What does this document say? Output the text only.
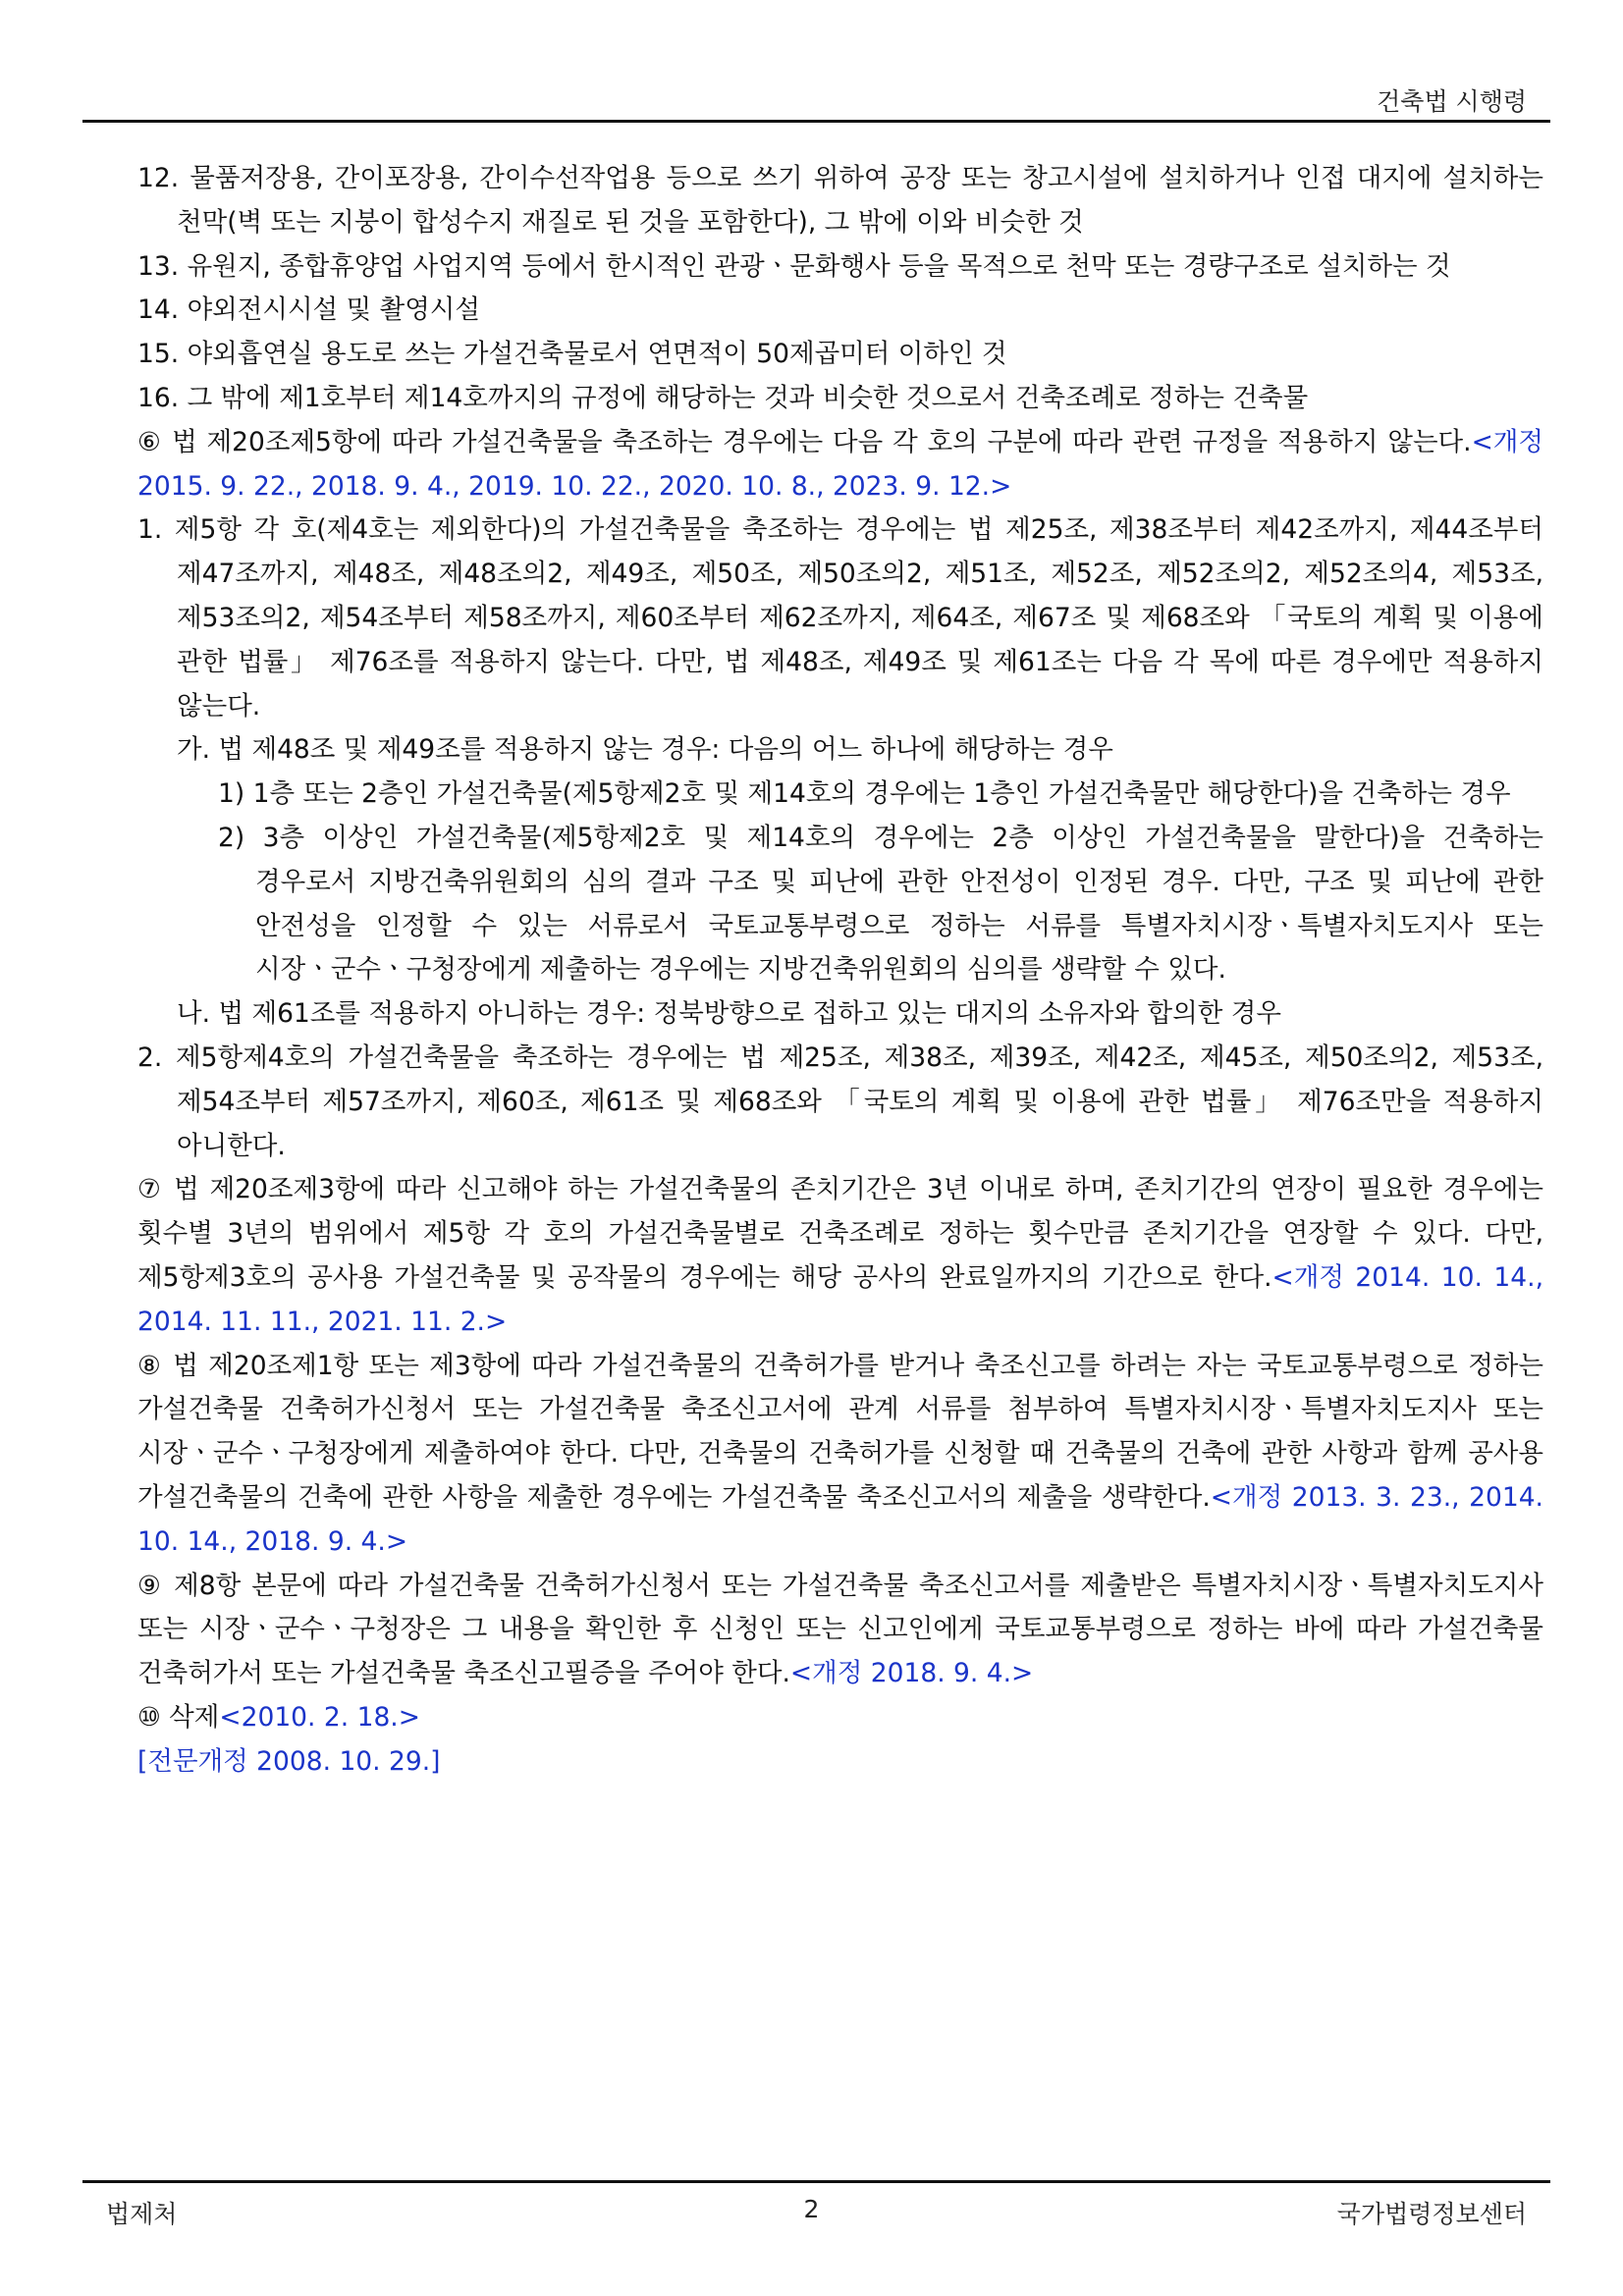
건축법 시행령
12. 물품저장용, 간이포장용, 간이수선작업용 등으로 쓰기 위하여 공장 또는 창고시설에 설치하거나 인접 대지에 설치하는 천막(벽 또는 지붕이 합성수지 재질로 된 것을 포함한다), 그 밖에 이와 비슷한 것
13. 유원지, 종합휴양업 사업지역 등에서 한시적인 관광ㆍ문화행사 등을 목적으로 천막 또는 경량구조로 설치하는 것
14. 야외전시시설 및 촬영시설
15. 야외흡연실 용도로 쓰는 가설건축물로서 연면적이 50제곱미터 이하인 것
16. 그 밖에 제1호부터 제14호까지의 규정에 해당하는 것과 비슷한 것으로서 건축조례로 정하는 건축물
⑥ 법 제20조제5항에 따라 가설건축물을 축조하는 경우에는 다음 각 호의 구분에 따라 관련 규정을 적용하지 않는다.<개정 2015. 9. 22., 2018. 9. 4., 2019. 10. 22., 2020. 10. 8., 2023. 9. 12.>
1. 제5항 각 호(제4호는 제외한다)의 가설건축물을 축조하는 경우에는 법 제25조, 제38조부터 제42조까지, 제44조부터 제47조까지, 제48조, 제48조의2, 제49조, 제50조, 제50조의2, 제51조, 제52조, 제52조의2, 제52조의4, 제53조, 제53조의2, 제54조부터 제58조까지, 제60조부터 제62조까지, 제64조, 제67조 및 제68조와 「국토의 계획 및 이용에 관한 법률」 제76조를 적용하지 않는다. 다만, 법 제48조, 제49조 및 제61조는 다음 각 목에 따른 경우에만 적용하지 않는다.
가. 법 제48조 및 제49조를 적용하지 않는 경우: 다음의 어느 하나에 해당하는 경우
1) 1층 또는 2층인 가설건축물(제5항제2호 및 제14호의 경우에는 1층인 가설건축물만 해당한다)을 건축하는 경우
2) 3층 이상인 가설건축물(제5항제2호 및 제14호의 경우에는 2층 이상인 가설건축물을 말한다)을 건축하는 경우로서 지방건축위원회의 심의 결과 구조 및 피난에 관한 안전성이 인정된 경우. 다만, 구조 및 피난에 관한 안전성을 인정할 수 있는 서류로서 국토교통부령으로 정하는 서류를 특별자치시장ㆍ특별자치도지사 또는 시장ㆍ군수ㆍ구청장에게 제출하는 경우에는 지방건축위원회의 심의를 생략할 수 있다.
나. 법 제61조를 적용하지 아니하는 경우: 정북방향으로 접하고 있는 대지의 소유자와 합의한 경우
2. 제5항제4호의 가설건축물을 축조하는 경우에는 법 제25조, 제38조, 제39조, 제42조, 제45조, 제50조의2, 제53조, 제54조부터 제57조까지, 제60조, 제61조 및 제68조와 「국토의 계획 및 이용에 관한 법률」 제76조만을 적용하지 아니한다.
⑦ 법 제20조제3항에 따라 신고해야 하는 가설건축물의 존치기간은 3년 이내로 하며, 존치기간의 연장이 필요한 경우에는 횟수별 3년의 범위에서 제5항 각 호의 가설건축물별로 건축조례로 정하는 횟수만큼 존치기간을 연장할 수 있다. 다만, 제5항제3호의 공사용 가설건축물 및 공작물의 경우에는 해당 공사의 완료일까지의 기간으로 한다.<개정 2014. 10. 14., 2014. 11. 11., 2021. 11. 2.>
⑧ 법 제20조제1항 또는 제3항에 따라 가설건축물의 건축허가를 받거나 축조신고를 하려는 자는 국토교통부령으로 정하는 가설건축물 건축허가신청서 또는 가설건축물 축조신고서에 관계 서류를 첨부하여 특별자치시장ㆍ특별자치도지사 또는 시장ㆍ군수ㆍ구청장에게 제출하여야 한다. 다만, 건축물의 건축허가를 신청할 때 건축물의 건축에 관한 사항과 함께 공사용 가설건축물의 건축에 관한 사항을 제출한 경우에는 가설건축물 축조신고서의 제출을 생략한다.<개정 2013. 3. 23., 2014. 10. 14., 2018. 9. 4.>
⑨ 제8항 본문에 따라 가설건축물 건축허가신청서 또는 가설건축물 축조신고서를 제출받은 특별자치시장ㆍ특별자치도지사 또는 시장ㆍ군수ㆍ구청장은 그 내용을 확인한 후 신청인 또는 신고인에게 국토교통부령으로 정하는 바에 따라 가설건축물 건축허가서 또는 가설건축물 축조신고필증을 주어야 한다.<개정 2018. 9. 4.>
⑩ 삭제<2010. 2. 18.>
[전문개정 2008. 10. 29.]
법제처	2	국가법령정보센터
